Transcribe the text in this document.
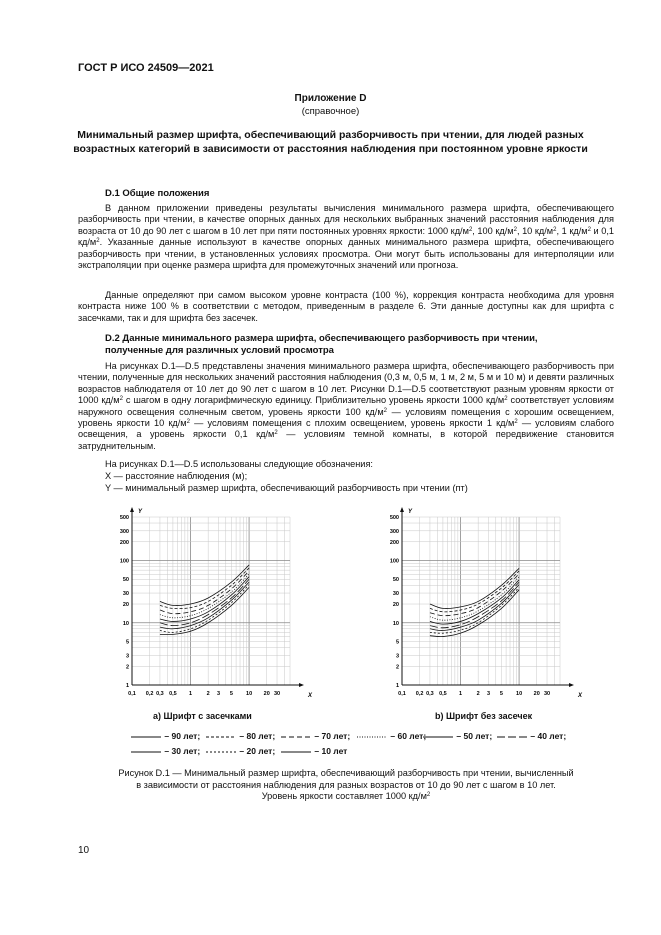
ГОСТ Р ИСО 24509—2021
Приложение D
(справочное)
Минимальный размер шрифта, обеспечивающий разборчивость при чтении, для людей разных возрастных категорий в зависимости от расстояния наблюдения при постоянном уровне яркости
D.1 Общие положения
В данном приложении приведены результаты вычисления минимального размера шрифта, обеспечивающего разборчивость при чтении, в качестве опорных данных для нескольких выбранных значений расстояния наблюдения для возраста от 10 до 90 лет с шагом в 10 лет при пяти постоянных уровнях яркости: 1000 $кд/м^2$, 100 $кд/м^2$, 10 $кд/м^2$, 1 $кд/м^2$ и 0,1 $кд/м^2$. Указанные данные используют в качестве опорных данных минимального размера шрифта, обеспечивающего разборчивость при чтении, в установленных условиях просмотра. Они могут быть использованы для интерполяции или экстраполяции при оценке размера шрифта для промежуточных значений или прогноза.
Данные определяют при самом высоком уровне контраста (100 %), коррекция контраста необходима для уровня контраста ниже 100 % в соответствии с методом, приведенным в разделе 6. Эти данные доступны как для шрифта с засечками, так и для шрифта без засечек.
D.2 Данные минимального размера шрифта, обеспечивающего разборчивость при чтении,
полученные для различных условий просмотра
На рисунках D.1—D.5 представлены значения минимального размера шрифта, обеспечивающего разборчивость при чтении, полученные для нескольких значений расстояния наблюдения (0,3 м, 0,5 м, 1 м, 2 м, 5 м и 10 м) и девяти различных возрастов наблюдателя от 10 лет до 90 лет с шагом в 10 лет. Рисунки D.1—D.5 соответствуют разным уровням яркости от 1000 $кд/м^2$ с шагом в одну логарифмическую единицу. Приблизительно уровень яркости 1000 $кд/м^2$ соответствует условиям наружного освещения солнечным светом, уровень яркости 100 $кд/м^2$ — условиям помещения с хорошим освещением, уровень яркости 10 $кд/м^2$ — условиям помещения с плохим освещением, уровень яркости 1 $кд/м^2$ — условиям слабого освещения, а уровень яркости 0,1 $кд/м^2$ — условиям темной комнаты, в которой передвижение становится затруднительным.
На рисунках D.1—D.5 использованы следующие обозначения:
X — расстояние наблюдения (м);
Y — минимальный размер шрифта, обеспечивающий разборчивость при чтении (пт)
X
Y
0,1 0,2 0,3 0,5 1	2 3 5 10 20 30
1
2
3
5
10
20
30
50
100
200
300
500
X
Y
0,1 0,2 0,3 0,5 1	2 3 5 10 20 30
1
2
3
5
10
20
30
50
100
200
300
500
а) Шрифт с засечками	b) Шрифт без засечек
– 90 лет;	– 80 лет;	– 70 лет;	– 60 лет;	– 50 лет;	– 40 лет;
– 30 лет;	– 20 лет;	– 10 лет
Рисунок D.1 — Минимальный размер шрифта, обеспечивающий разборчивость при чтении, вычисленный
в зависимости от расстояния наблюдения для разных возрастов от 10 до 90 лет с шагом в 10 лет.
Уровень яркости составляет 1000 $кд/м^2$
10
